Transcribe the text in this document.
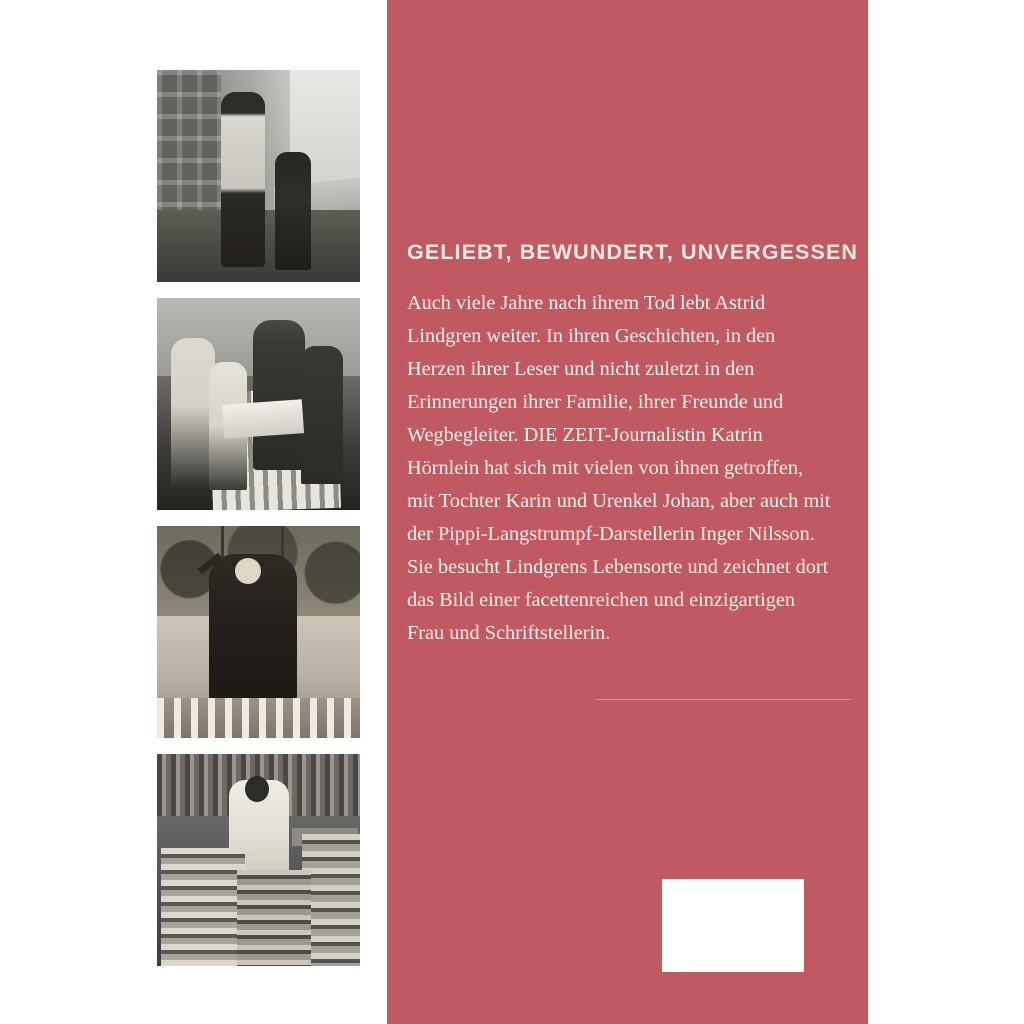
GELIEBT, BEWUNDERT, UNVERGESSEN

Auch viele Jahre nach ihrem Tod lebt Astrid Lindgren weiter. In ihren Geschichten, in den Herzen ihrer Leser und nicht zuletzt in den Erinnerungen ihrer Familie, ihrer Freunde und Wegbegleiter. DIE ZEIT-Journalistin Katrin Hörnlein hat sich mit vielen von ihnen getroffen, mit Tochter Karin und Urenkel Johan, aber auch mit der Pippi-Langstrumpf-Darstellerin Inger Nilsson. Sie besucht Lindgrens Lebensorte und zeichnet dort das Bild einer facettenreichen und einzigartigen Frau und Schriftstellerin.
